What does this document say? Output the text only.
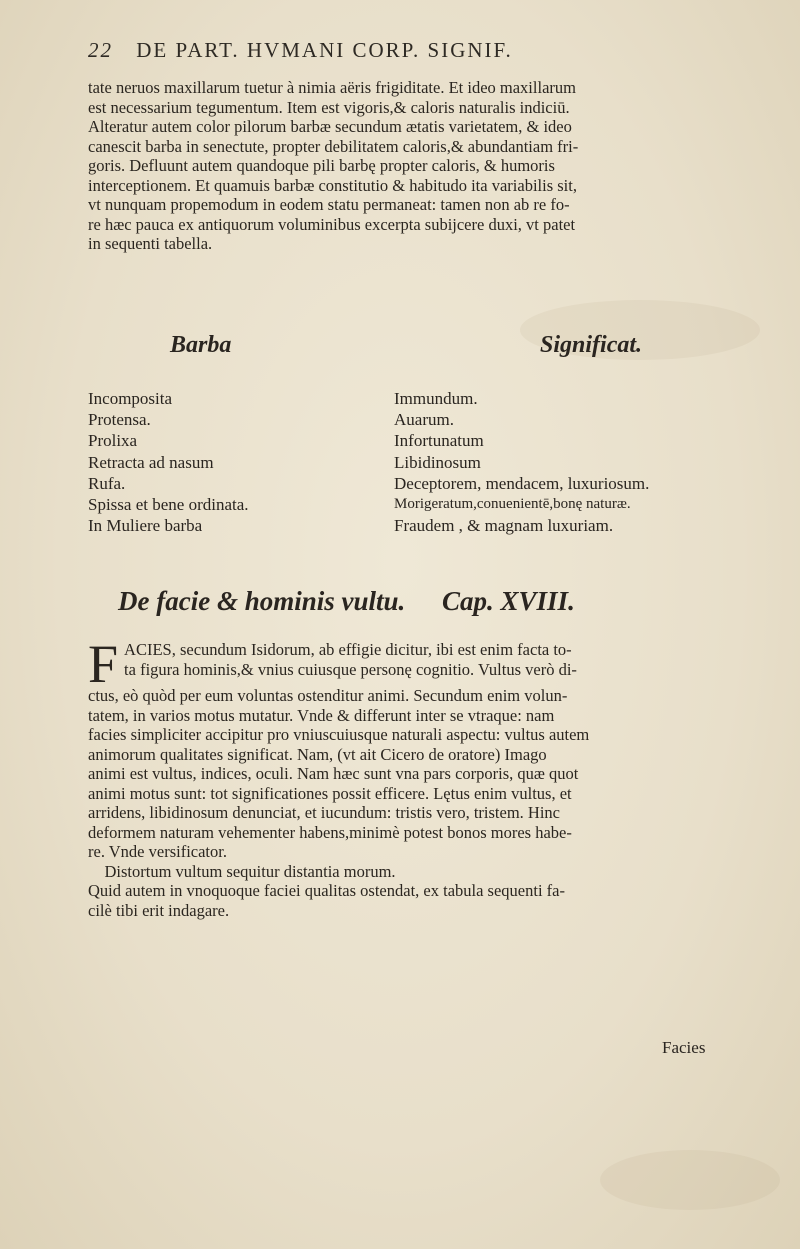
22 DE PART. HVMANI CORP. SIGNIF.
tate neruos maxillarum tuetur à nimia aëris frigiditate. Et ideo maxillarum
est necessarium tegumentum. Item est vigoris,& caloris naturalis indiciū.
Alteratur autem color pilorum barbæ secundum ætatis varietatem, & ideo
canescit barba in senectute, propter debilitatem caloris,& abundantiam fri-
goris. Defluunt autem quandoque pili barbę propter caloris, & humoris
interceptionem. Et quamuis barbæ constitutio & habitudo ita variabilis sit,
vt nunquam propemodum in eodem statu permaneat: tamen non ab re fo-
re hæc pauca ex antiquorum voluminibus excerpta subijcere duxi, vt patet
in sequenti tabella.
Barba	Significat.
Incomposita	Immundum.
Protensa.	Auarum.
Prolixa	Infortunatum
Retracta ad nasum	Libidinosum
Rufa.	Deceptorem, mendacem, luxuriosum.
Spissa et bene ordinata.	Morigeratum,conuenientē,bonę naturæ.
In Muliere barba	Fraudem , & magnam luxuriam.
De facie & hominis vultu. Cap. XVIII.
F ACIES, secundum Isidorum, ab effigie dicitur, ibi est enim facta to-
ta figura hominis,& vnius cuiusque personę cognitio. Vultus verò di-
ctus, eò quòd per eum voluntas ostenditur animi. Secundum enim volun-
tatem, in varios motus mutatur. Vnde & differunt inter se vtraque: nam
facies simpliciter accipitur pro vniuscuiusque naturali aspectu: vultus autem
animorum qualitates significat. Nam, (vt ait Cicero de oratore) Imago
animi est vultus, indices, oculi. Nam hæc sunt vna pars corporis, quæ quot
animi motus sunt: tot significationes possit efficere. Lętus enim vultus, et
arridens, libidinosum denunciat, et iucundum: tristis vero, tristem. Hinc
deformem naturam vehementer habens,minimè potest bonos mores habe-
re. Vnde versificator.
Distortum vultum sequitur distantia morum.
Quid autem in vnoquoque faciei qualitas ostendat, ex tabula sequenti fa-
cilè tibi erit indagare.
Facies
